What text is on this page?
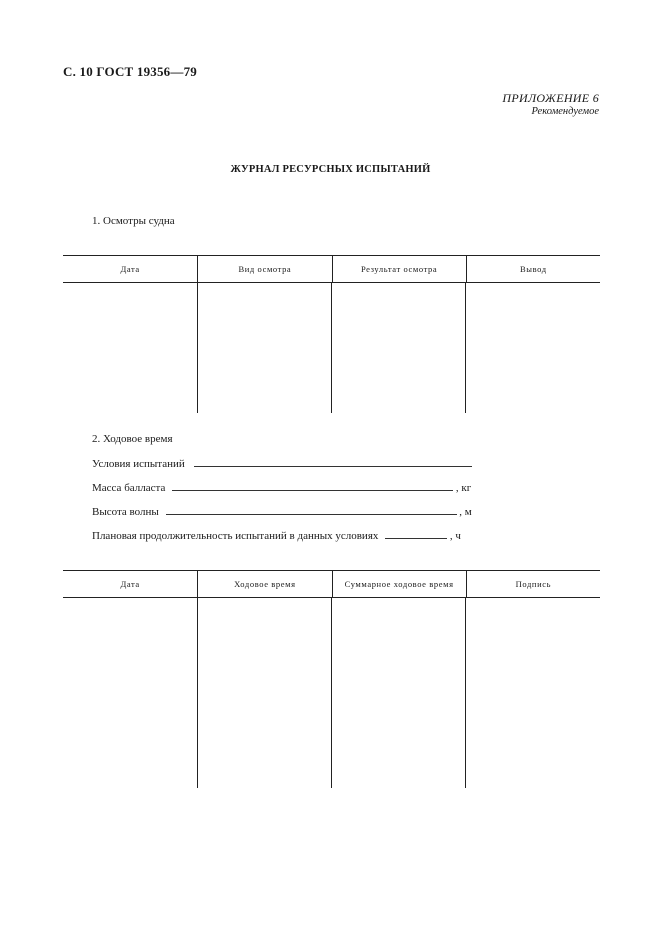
С. 10 ГОСТ 19356—79
ПРИЛОЖЕНИЕ 6
Рекомендуемое
ЖУРНАЛ РЕСУРСНЫХ ИСПЫТАНИЙ
1. Осмотры судна
Дата	Вид осмотра	Результат осмотра	Вывод
2. Ходовое время
Условия испытаний
Масса балласта	, кг
Высота волны	, м
Плановая продолжительность испытаний в данных условиях	, ч
Дата	Ходовое время	Суммарное ходовое время	Подпись
